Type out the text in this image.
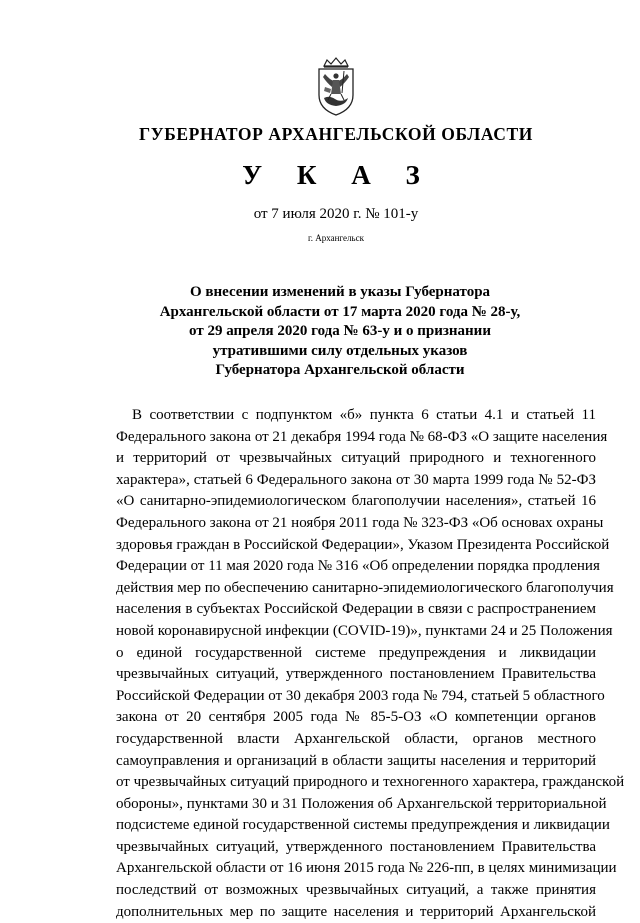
ГУБЕРНАТОР АРХАНГЕЛЬСКОЙ ОБЛАСТИ
У К А З
от 7 июля 2020 г. № 101-у
г. Архангельск
О внесении изменений в указы Губернатора
Архангельской области от 17 марта 2020 года № 28-у,
от 29 апреля 2020 года № 63-у и о признании
утратившими силу отдельных указов
Губернатора Архангельской области
В соответствии с подпунктом «б» пункта 6 статьи 4.1 и статьей 11
Федерального закона от 21 декабря 1994 года № 68-ФЗ «О защите населения
и территорий от чрезвычайных ситуаций природного и техногенного
характера», статьей 6 Федерального закона от 30 марта 1999 года № 52-ФЗ
«О санитарно-эпидемиологическом благополучии населения», статьей 16
Федерального закона от 21 ноября 2011 года № 323-ФЗ «Об основах охраны
здоровья граждан в Российской Федерации», Указом Президента Российской
Федерации от 11 мая 2020 года № 316 «Об определении порядка продления
действия мер по обеспечению санитарно-эпидемиологического благополучия
населения в субъектах Российской Федерации в связи с распространением
новой коронавирусной инфекции (COVID-19)», пунктами 24 и 25 Положения
о единой государственной системе предупреждения и ликвидации
чрезвычайных ситуаций, утвержденного постановлением Правительства
Российской Федерации от 30 декабря 2003 года № 794, статьей 5 областного
закона от 20 сентября 2005 года № 85-5-ОЗ «О компетенции органов
государственной власти Архангельской области, органов местного
самоуправления и организаций в области защиты населения и территорий
от чрезвычайных ситуаций природного и техногенного характера, гражданской
обороны», пунктами 30 и 31 Положения об Архангельской территориальной
подсистеме единой государственной системы предупреждения и ликвидации
чрезвычайных ситуаций, утвержденного постановлением Правительства
Архангельской области от 16 июня 2015 года № 226-пп, в целях минимизации
последствий от возможных чрезвычайных ситуаций, а также принятия
дополнительных мер по защите населения и территорий Архангельской
